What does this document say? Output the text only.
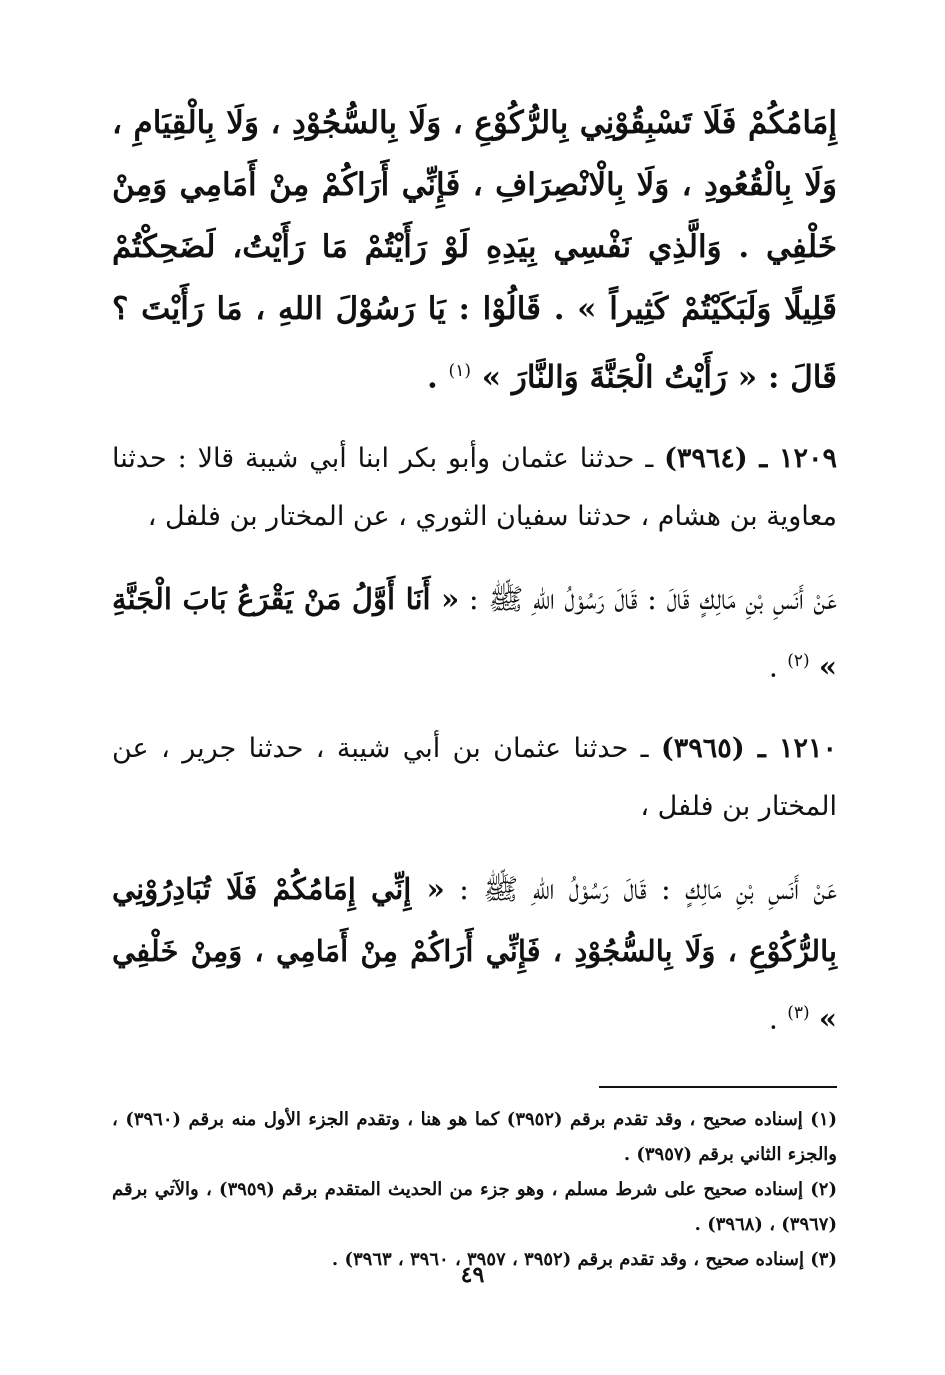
إِمَامُكُمْ فَلَا تَسْبِقُوْنِي بِالرُّكُوْعِ ، وَلَا بِالسُّجُوْدِ ، وَلَا بِالْقِيَامِ ، وَلَا بِالْقُعُودِ ، وَلَا بِالْانْصِرَافِ ، فَإِنِّي أَرَاكُمْ مِنْ أَمَامِي وَمِنْ خَلْفِي . وَالَّذِي نَفْسِي بِيَدِهِ لَوْ رَأَيْتُمْ مَا رَأَيْتُ، لَضَحِكْتُمْ قَلِيلًا وَلَبَكَيْتُمْ كَثِيراً » . قَالُوْا : يَا رَسُوْلَ اللهِ ، مَا رَأَيْتَ ؟ قَالَ : « رَأَيْتُ الْجَنَّةَ وَالنَّارَ » $^{(١)}$ .

١٢٠٩ ـ (٣٩٦٤) ـ حدثنا عثمان وأبو بكر ابنا أبي شيبة قالا : حدثنا معاوية بن هشام ، حدثنا سفيان الثوري ، عن المختار بن فلفل ،

عَنْ أَنَسِ بْنِ مَالِكٍ قَالَ : قَالَ رَسُوْلُ اللهِ ﷺ : « أَنَا أَوَّلُ مَنْ يَقْرَعُ بَابَ الْجَنَّةِ » $^{(٢)}$ .

١٢١٠ ـ (٣٩٦٥) ـ حدثنا عثمان بن أبي شيبة ، حدثنا جرير ، عن المختار بن فلفل ،

عَنْ أَنَسِ بْنِ مَالِكٍ : قَالَ رَسُوْلُ اللهِ ﷺ : « إِنِّي إِمَامُكُمْ فَلَا تُبَادِرُوْنِي بِالرُّكُوْعِ ، وَلَا بِالسُّجُوْدِ ، فَإِنِّي أَرَاكُمْ مِنْ أَمَامِي ، وَمِنْ خَلْفِي » $^{(٣)}$ .

(١) إسناده صحيح ، وقد تقدم برقم (٣٩٥٢) كما هو هنا ، وتقدم الجزء الأول منه برقم (٣٩٦٠) ، والجزء الثاني برقم (٣٩٥٧) .

(٢) إسناده صحيح على شرط مسلم ، وهو جزء من الحديث المتقدم برقم (٣٩٥٩) ، والآتي برقم (٣٩٦٧) ، (٣٩٦٨) .

(٣) إسناده صحيح ، وقد تقدم برقم (٣٩٥٢ ، ٣٩٥٧ ، ٣٩٦٠ ، ٣٩٦٣) .

٤٩
